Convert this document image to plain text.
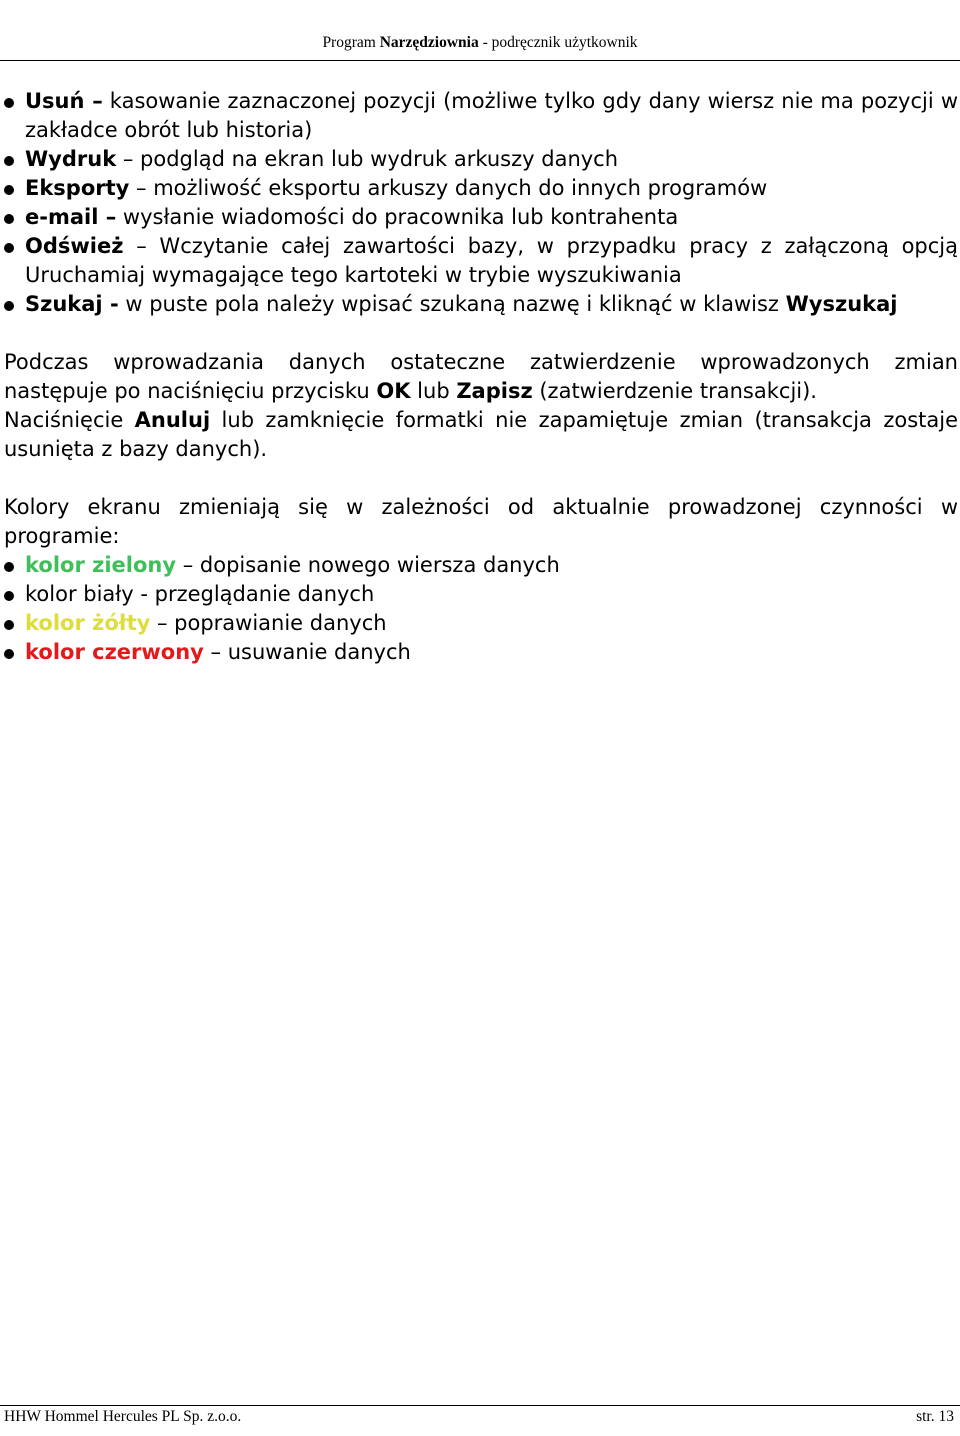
Program Narzędziownia - podręcznik użytkownik
Usuń – kasowanie zaznaczonej pozycji (możliwe tylko gdy dany wiersz nie ma pozycji w zakładce obrót lub historia)
Wydruk – podgląd na ekran lub wydruk arkuszy danych
Eksporty – możliwość eksportu arkuszy danych do innych programów
e-mail – wysłanie wiadomości do pracownika lub kontrahenta
Odśwież – Wczytanie całej zawartości bazy, w przypadku pracy z załączoną opcją Uruchamiaj wymagające tego kartoteki w trybie wyszukiwania
Szukaj - w puste pola należy wpisać szukaną nazwę i kliknąć w klawisz Wyszukaj

Podczas wprowadzania danych ostateczne zatwierdzenie wprowadzonych zmian następuje po naciśnięciu przycisku OK lub Zapisz (zatwierdzenie transakcji).

Naciśnięcie Anuluj lub zamknięcie formatki nie zapamiętuje zmian (transakcja zostaje usunięta z bazy danych).

Kolory ekranu zmieniają się w zależności od aktualnie prowadzonej czynności w programie:

kolor zielony – dopisanie nowego wiersza danych
kolor biały - przeglądanie danych
kolor żółty – poprawianie danych
kolor czerwony – usuwanie danych
HHW Hommel Hercules PL Sp. z.o.o.	str. 13
